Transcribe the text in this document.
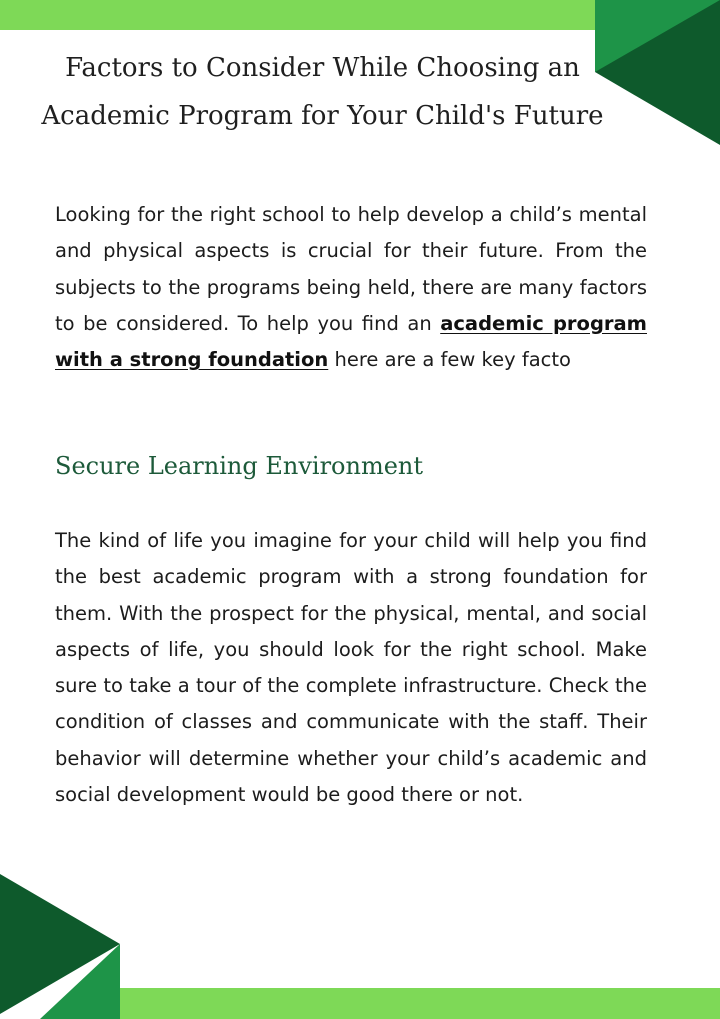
Factors to Consider While Choosing an Academic Program for Your Child's Future

Looking for the right school to help develop a child’s mental and physical aspects is crucial for their future. From the subjects to the programs being held, there are many factors to be considered. To help you find an academic program with a strong foundation here are a few key facto

Secure Learning Environment

The kind of life you imagine for your child will help you find the best academic program with a strong foundation for them. With the prospect for the physical, mental, and social aspects of life, you should look for the right school. Make sure to take a tour of the complete infrastructure. Check the condition of classes and communicate with the staff. Their behavior will determine whether your child’s academic and social development would be good there or not.
